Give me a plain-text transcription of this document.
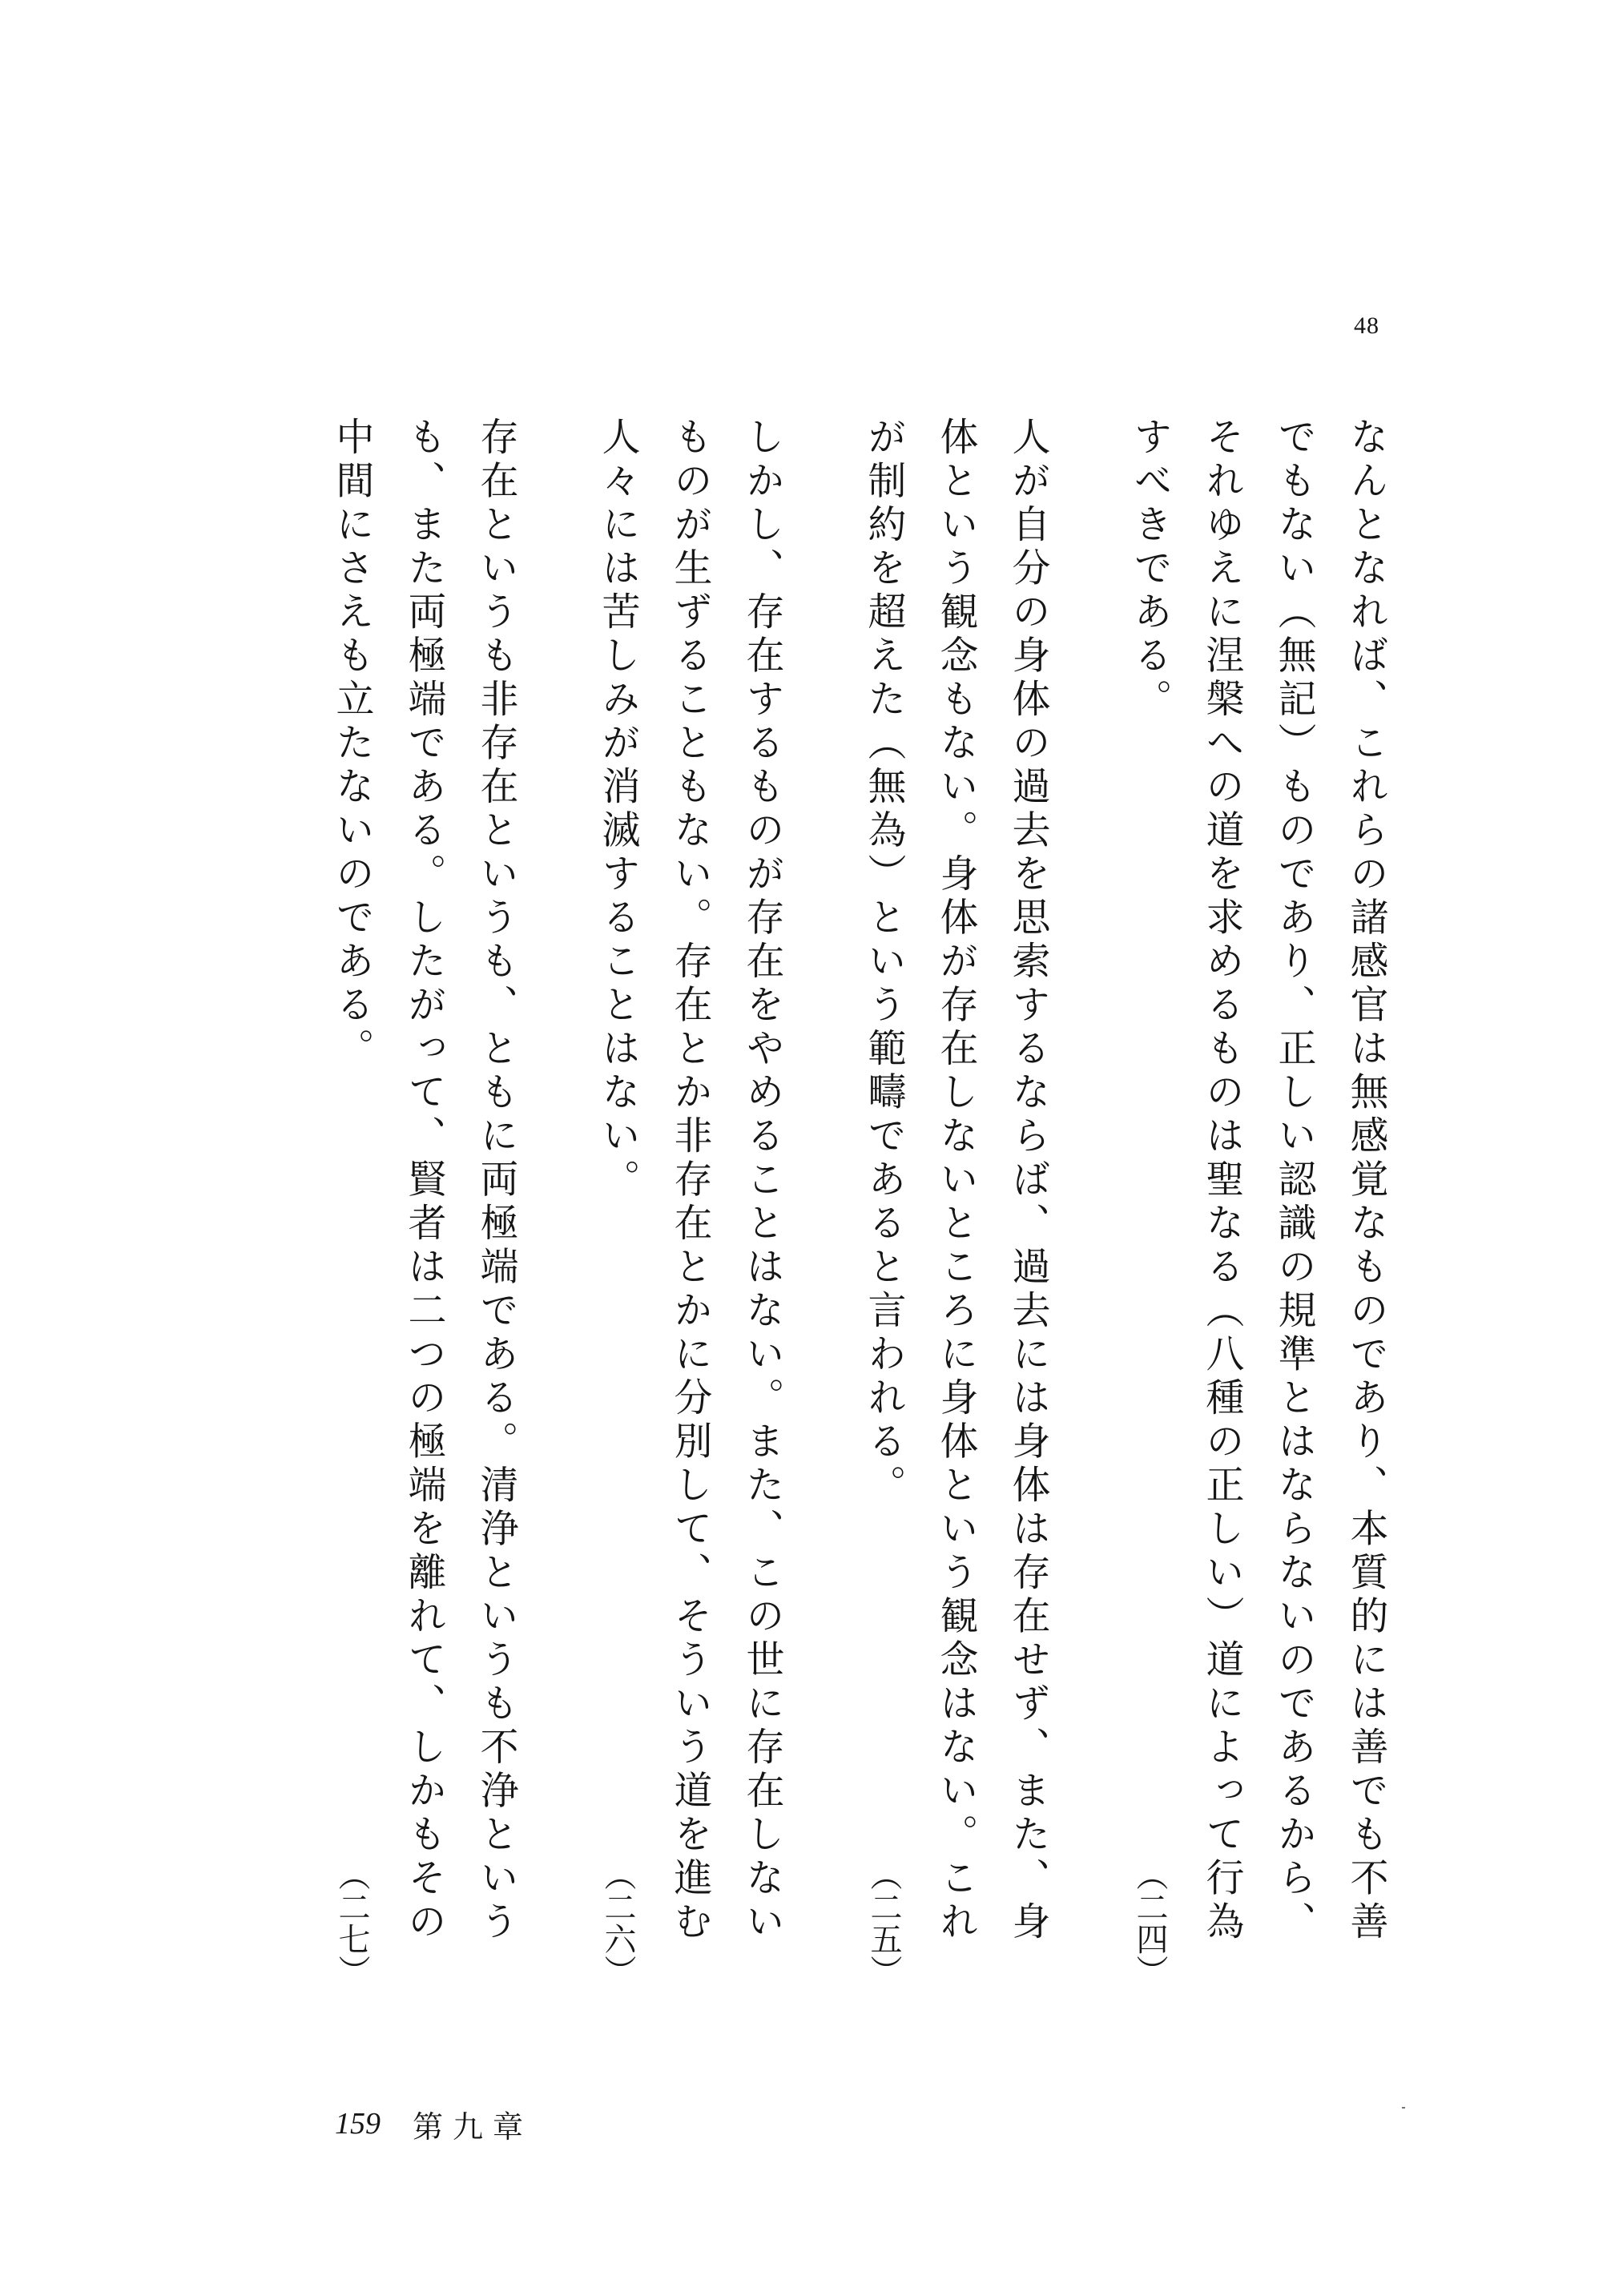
48
なんとなれば、これらの諸感官は無感覚なものであり、本質的には善でも不善でもない（無記）ものであり、正しい認識の規準とはならないのであるから、それゆえに涅槃への道を求めるものは聖なる（八種の正しい）道によって行為すべきである。
（二四）
人が自分の身体の過去を思索するならば、過去には身体は存在せず、また、身体という観念もない。身体が存在しないところに身体という観念はない。これが制約を超えた（無為）という範疇であると言われる。
（二五）
しかし、存在するものが存在をやめることはない。また、この世に存在しないものが生ずることもない。存在とか非存在とかに分別して、そういう道を進む人々には苦しみが消滅することはない。
（二六）
存在というも非存在というも、ともに両極端である。清浄というも不浄というも、また両極端である。したがって、賢者は二つの極端を離れて、しかもその中間にさえも立たないのである。
（二七）
159 第九章
